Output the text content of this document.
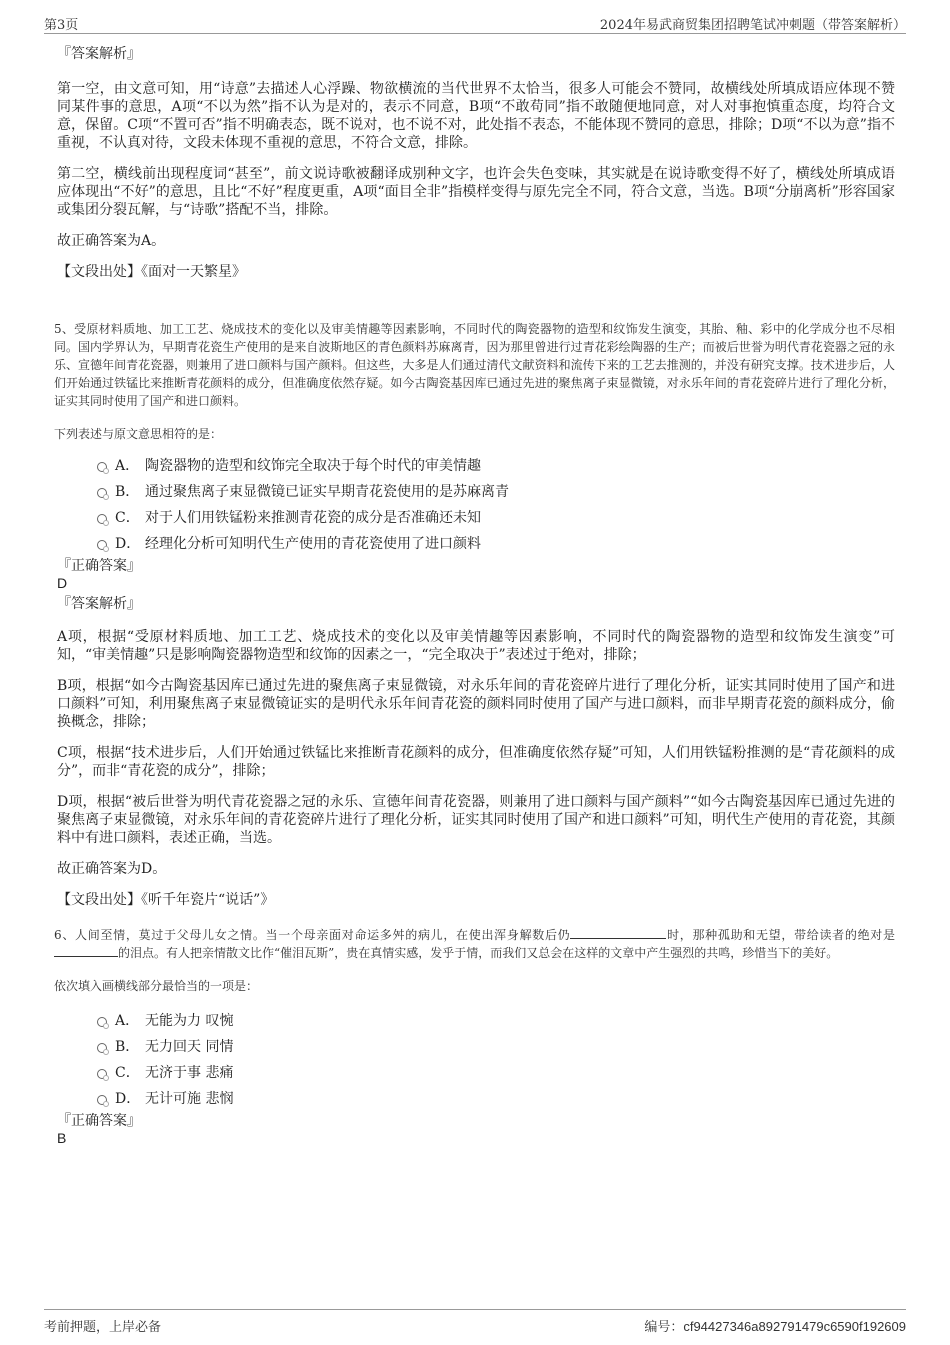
第3页	2024年易武商贸集团招聘笔试冲刺题（带答案解析）

『答案解析』

第一空，由文意可知，用“诗意”去描述人心浮躁、物欲横流的当代世界不太恰当，很多人可能会不赞同，故横线处所填成语应体现不赞同某件事的意思，A项“不以为然”指不认为是对的，表示不同意，B项“不敢苟同”指不敢随便地同意，对人对事抱慎重态度，均符合文意，保留。C项“不置可否”指不明确表态，既不说对，也不说不对，此处指不表态，不能体现不赞同的意思，排除；D项“不以为意”指不重视，不认真对待，文段未体现不重视的意思，不符合文意，排除。

第二空，横线前出现程度词“甚至”，前文说诗歌被翻译成别种文字，也许会失色变味，其实就是在说诗歌变得不好了，横线处所填成语应体现出“不好”的意思，且比“不好”程度更重，A项“面目全非”指模样变得与原先完全不同，符合文意，当选。B项“分崩离析”形容国家或集团分裂瓦解，与“诗歌”搭配不当，排除。

故正确答案为A。

【文段出处】《面对一天繁星》

5、受原材料质地、加工工艺、烧成技术的变化以及审美情趣等因素影响，不同时代的陶瓷器物的造型和纹饰发生演变，其胎、釉、彩中的化学成分也不尽相同。国内学界认为，早期青花瓷生产使用的是来自波斯地区的青色颜料苏麻离青，因为那里曾进行过青花彩绘陶器的生产；而被后世誉为明代青花瓷器之冠的永乐、宣德年间青花瓷器，则兼用了进口颜料与国产颜料。但这些，大多是人们通过清代文献资料和流传下来的工艺去推测的，并没有研究支撑。技术进步后，人们开始通过铁锰比来推断青花颜料的成分，但准确度依然存疑。如今古陶瓷基因库已通过先进的聚焦离子束显微镜，对永乐年间的青花瓷碎片进行了理化分析，证实其同时使用了国产和进口颜料。

下列表述与原文意思相符的是：

A． 陶瓷器物的造型和纹饰完全取决于每个时代的审美情趣
B． 通过聚焦离子束显微镜已证实早期青花瓷使用的是苏麻离青
C． 对于人们用铁锰粉来推测青花瓷的成分是否准确还未知
D． 经理化分析可知明代生产使用的青花瓷使用了进口颜料

『正确答案』

D

『答案解析』

A项，根据“受原材料质地、加工工艺、烧成技术的变化以及审美情趣等因素影响，不同时代的陶瓷器物的造型和纹饰发生演变”可知，“审美情趣”只是影响陶瓷器物造型和纹饰的因素之一，“完全取决于”表述过于绝对，排除；

B项，根据“如今古陶瓷基因库已通过先进的聚焦离子束显微镜，对永乐年间的青花瓷碎片进行了理化分析，证实其同时使用了国产和进口颜料”可知，利用聚焦离子束显微镜证实的是明代永乐年间青花瓷的颜料同时使用了国产与进口颜料，而非早期青花瓷的颜料成分，偷换概念，排除；

C项，根据“技术进步后，人们开始通过铁锰比来推断青花颜料的成分，但准确度依然存疑”可知，人们用铁锰粉推测的是“青花颜料的成分”，而非“青花瓷的成分”，排除；

D项，根据“被后世誉为明代青花瓷器之冠的永乐、宣德年间青花瓷器，则兼用了进口颜料与国产颜料”“如今古陶瓷基因库已通过先进的聚焦离子束显微镜，对永乐年间的青花瓷碎片进行了理化分析，证实其同时使用了国产和进口颜料”可知，明代生产使用的青花瓷，其颜料中有进口颜料，表述正确，当选。

故正确答案为D。

【文段出处】《听千年瓷片“说话”》

6、人间至情，莫过于父母儿女之情。当一个母亲面对命运多舛的病儿，在使出浑身解数后仍	时，那种孤助和无望，带给读者的绝对是的泪点。有人把亲情散文比作“催泪瓦斯”，贵在真情实感，发乎于情，而我们又总会在这样的文章中产生强烈的共鸣，珍惜当下的美好。

依次填入画横线部分最恰当的一项是：

A． 无能为力 叹惋
B． 无力回天 同情
C． 无济于事 悲痛
D． 无计可施 悲悯

『正确答案』

B

考前押题，上岸必备	编号：cf94427346a892791479c6590f192609
